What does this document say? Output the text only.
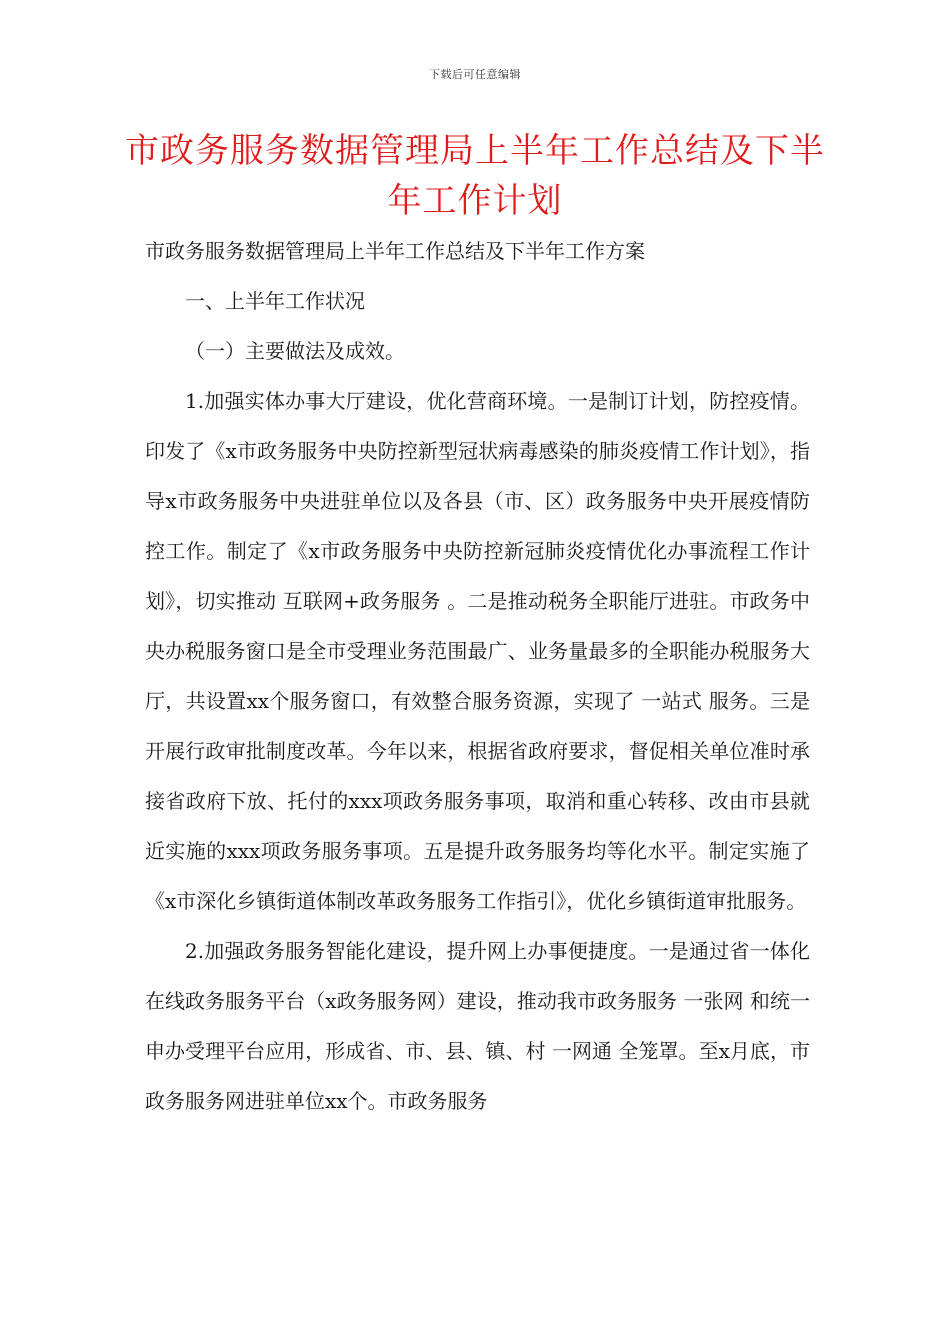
下载后可任意编辑
市政务服务数据管理局上半年工作总结及下半年工作计划

市政务服务数据管理局上半年工作总结及下半年工作方案

一、上半年工作状况

（一）主要做法及成效。

1.加强实体办事大厅建设，优化营商环境。一是制订计划，防控疫情。印发了《x市政务服务中央防控新型冠状病毒感染的肺炎疫情工作计划》，指导x市政务服务中央进驻单位以及各县（市、区）政务服务中央开展疫情防控工作。制定了《x市政务服务中央防控新冠肺炎疫情优化办事流程工作计划》，切实推动 互联网+政务服务 。二是推动税务全职能厅进驻。市政务中央办税服务窗口是全市受理业务范围最广、业务量最多的全职能办税服务大厅，共设置xx个服务窗口，有效整合服务资源，实现了 一站式 服务。三是开展行政审批制度改革。今年以来，根据省政府要求，督促相关单位准时承接省政府下放、托付的xxx项政务服务事项，取消和重心转移、改由市县就近实施的xxx项政务服务事项。五是提升政务服务均等化水平。制定实施了《x市深化乡镇街道体制改革政务服务工作指引》，优化乡镇街道审批服务。

2.加强政务服务智能化建设，提升网上办事便捷度。一是通过省一体化在线政务服务平台（x政务服务网）建设，推动我市政务服务 一张网 和统一申办受理平台应用，形成省、市、县、镇、村 一网通 全笼罩。至x月底，市政务服务网进驻单位xx个。市政务服务
